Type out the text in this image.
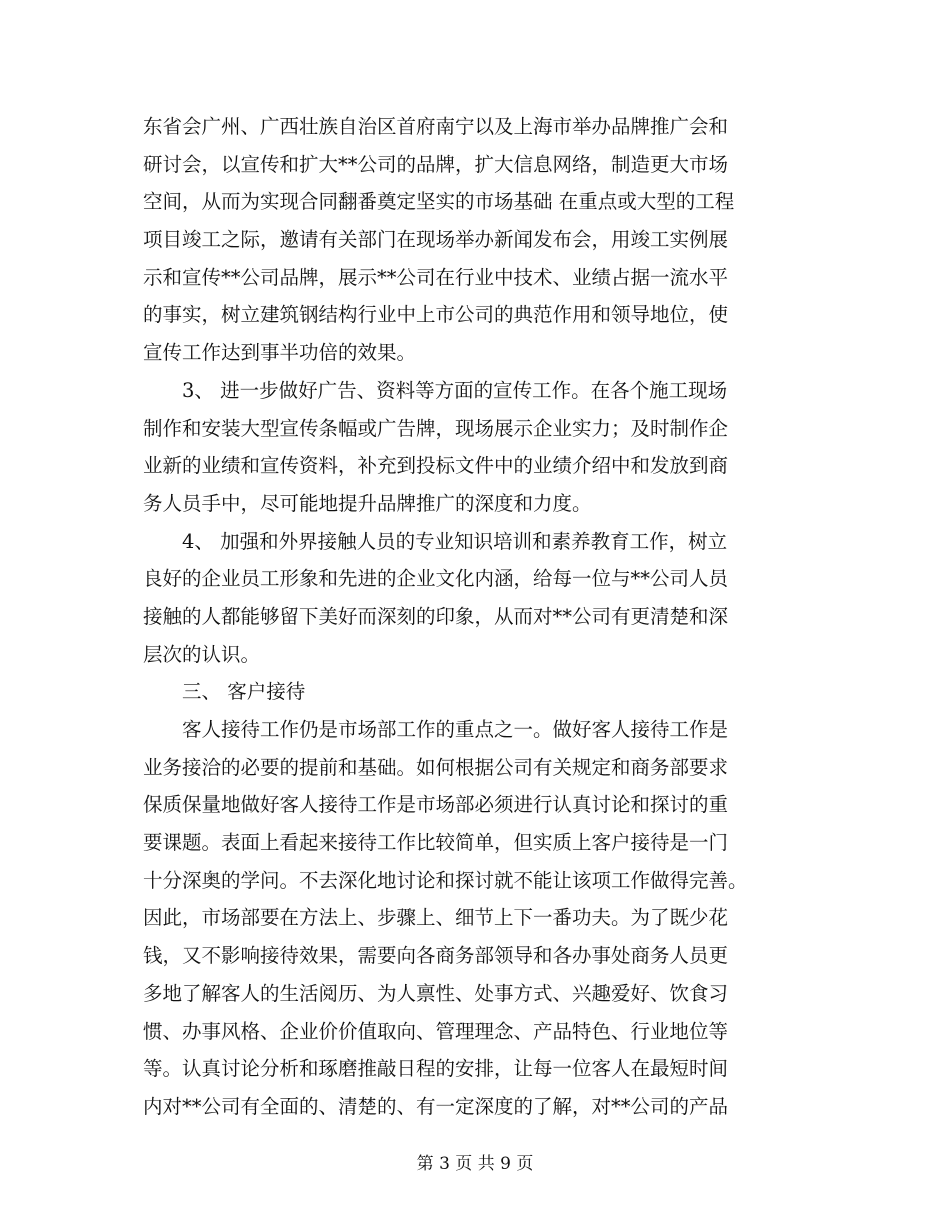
东省会广州、广西壮族自治区首府南宁以及上海市举办品牌推广会和
研讨会，以宣传和扩大**公司的品牌，扩大信息网络，制造更大市场
空间，从而为实现合同翻番奠定坚实的市场基础 在重点或大型的工程
项目竣工之际，邀请有关部门在现场举办新闻发布会，用竣工实例展
示和宣传**公司品牌，展示**公司在行业中技术、业绩占据一流水平
的事实，树立建筑钢结构行业中上市公司的典范作用和领导地位，使
宣传工作达到事半功倍的效果。
　　3、 进一步做好广告、资料等方面的宣传工作。在各个施工现场
制作和安装大型宣传条幅或广告牌，现场展示企业实力；及时制作企
业新的业绩和宣传资料，补充到投标文件中的业绩介绍中和发放到商
务人员手中，尽可能地提升品牌推广的深度和力度。
　　4、 加强和外界接触人员的专业知识培训和素养教育工作，树立
良好的企业员工形象和先进的企业文化内涵，给每一位与**公司人员
接触的人都能够留下美好而深刻的印象，从而对**公司有更清楚和深
层次的认识。
　　三、 客户接待
　　客人接待工作仍是市场部工作的重点之一。做好客人接待工作是
业务接洽的必要的提前和基础。如何根据公司有关规定和商务部要求
保质保量地做好客人接待工作是市场部必须进行认真讨论和探讨的重
要课题。表面上看起来接待工作比较简单，但实质上客户接待是一门
十分深奥的学问。不去深化地讨论和探讨就不能让该项工作做得完善。
因此，市场部要在方法上、步骤上、细节上下一番功夫。为了既少花
钱，又不影响接待效果，需要向各商务部领导和各办事处商务人员更
多地了解客人的生活阅历、为人禀性、处事方式、兴趣爱好、饮食习
惯、办事风格、企业价价值取向、管理理念、产品特色、行业地位等
等。认真讨论分析和琢磨推敲日程的安排，让每一位客人在最短时间
内对**公司有全面的、清楚的、有一定深度的了解，对**公司的产品
第 3 页 共 9 页
